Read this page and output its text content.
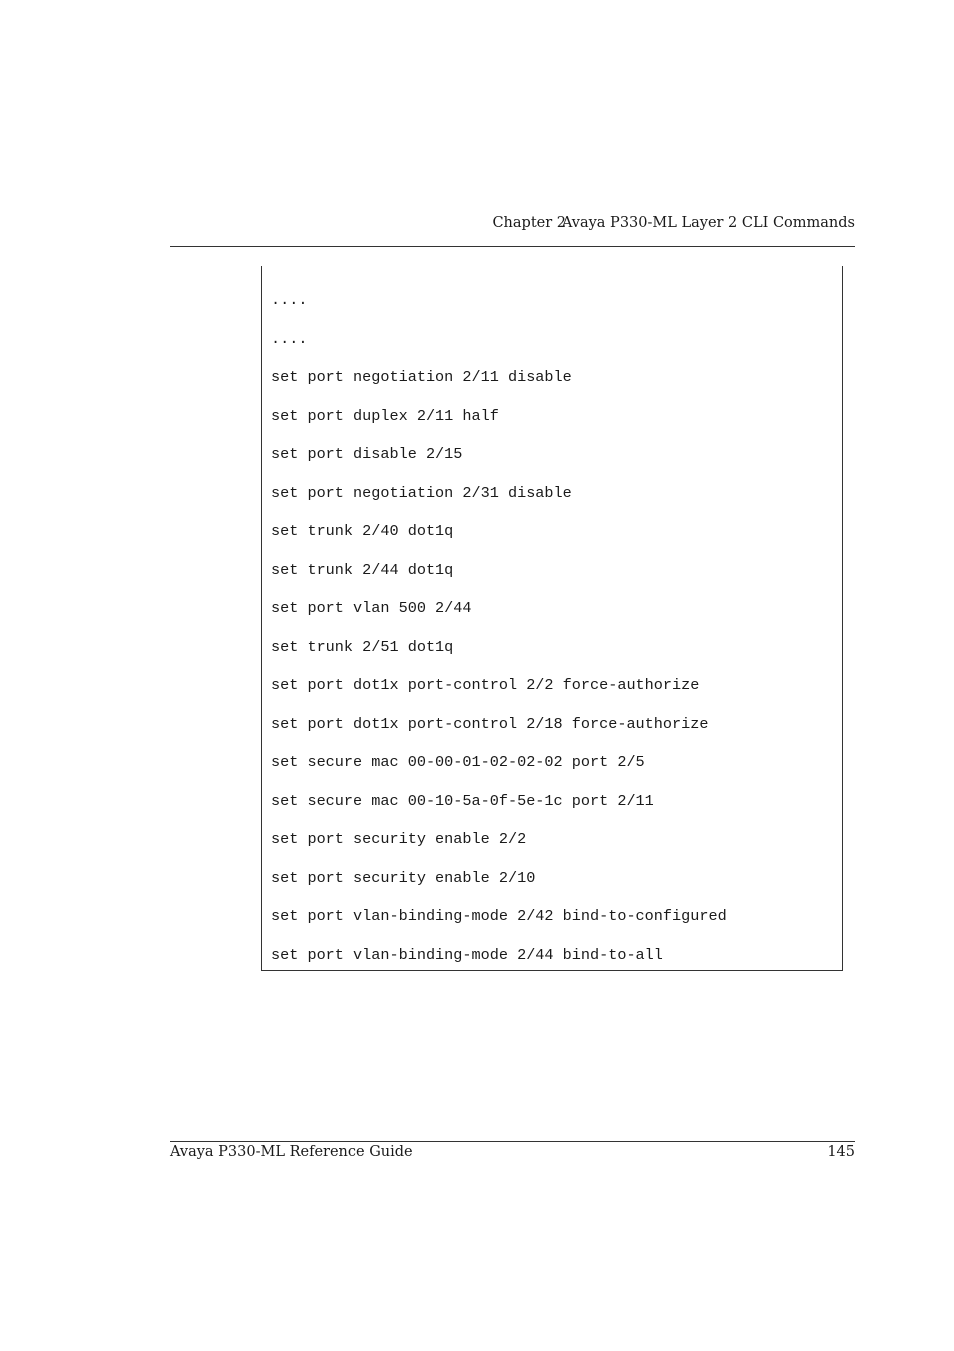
Chapter 2
Avaya P330-ML Layer 2 CLI Commands
....
....
set port negotiation 2/11 disable
set port duplex 2/11 half
set port disable 2/15
set port negotiation 2/31 disable
set trunk 2/40 dot1q
set trunk 2/44 dot1q
set port vlan 500 2/44
set trunk 2/51 dot1q
set port dot1x port-control 2/2 force-authorize
set port dot1x port-control 2/18 force-authorize
set secure mac 00-00-01-02-02-02 port 2/5
set secure mac 00-10-5a-0f-5e-1c port 2/11
set port security enable 2/2
set port security enable 2/10
set port vlan-binding-mode 2/42 bind-to-configured
set port vlan-binding-mode 2/44 bind-to-all
Avaya P330-ML Reference Guide	145
